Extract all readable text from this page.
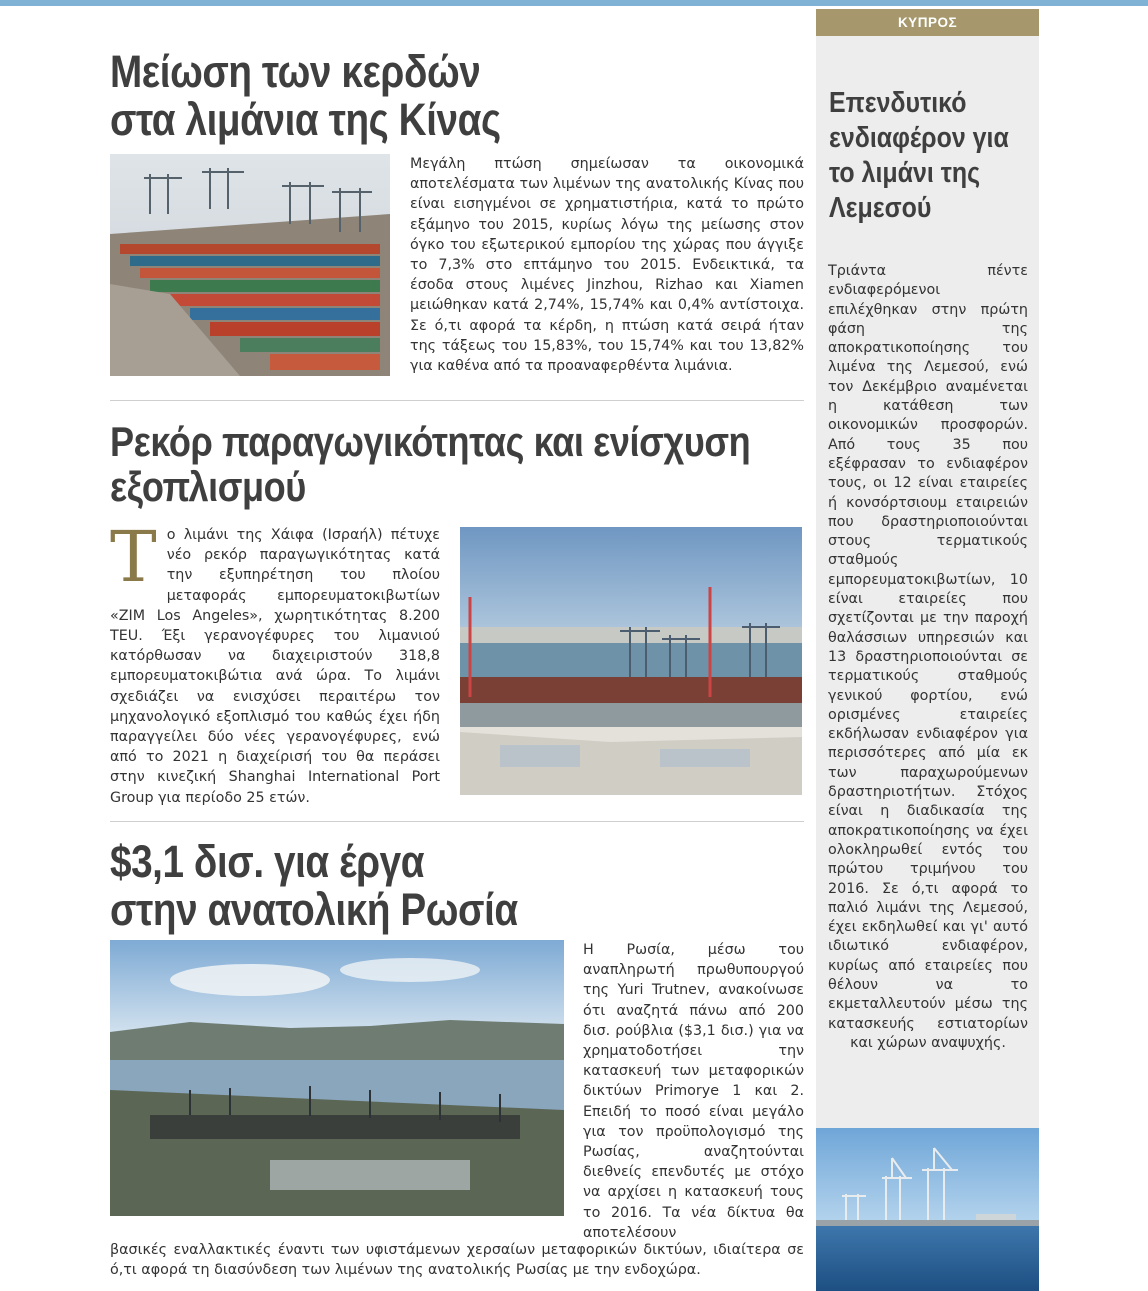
ΚΥΠΡΟΣ
Επενδυτικό ενδιαφέρον για το λιμάνι της Λεμεσού
Τριάντα πέντε ενδιαφερόμενοι επιλέχθηκαν στην πρώτη φάση της αποκρατικοποίησης του λιμένα της Λεμεσού, ενώ τον Δεκέμβριο αναμένεται η κατάθεση των οικονομικών προσφορών. Από τους 35 που εξέφρασαν το ενδιαφέρον τους, οι 12 είναι εταιρείες ή κονσόρτσιουμ εταιρειών που δραστηριοποιούνται στους τερματικούς σταθμούς εμπορευματοκιβωτίων, 10 είναι εταιρείες που σχετίζονται με την παροχή θαλάσσιων υπηρεσιών και 13 δραστηριοποιούνται σε τερματικούς σταθμούς γενικού φορτίου, ενώ ορισμένες εταιρείες εκδήλωσαν ενδιαφέρον για περισσότερες από μία εκ των παραχωρούμενων δραστηριοτήτων. Στόχος είναι η διαδικασία της αποκρατικοποίησης να έχει ολοκληρωθεί εντός του πρώτου τριμήνου του 2016. Σε ό,τι αφορά το παλιό λιμάνι της Λεμεσού, έχει εκδηλωθεί και γι' αυτό ιδιωτικό ενδιαφέρον, κυρίως από εταιρείες που θέλουν να το εκμεταλλευτούν μέσω της κατασκευής εστιατορίων και χώρων αναψυχής.
Μείωση των κερδών
στα λιμάνια της Κίνας
Μεγάλη πτώση σημείωσαν τα οικονομικά αποτελέσματα των λιμένων της ανατολικής Κίνας που είναι εισηγμένοι σε χρηματιστήρια, κατά το πρώτο εξάμηνο του 2015, κυρίως λόγω της μείωσης στον όγκο του εξωτερικού εμπορίου της χώρας που άγγιξε το 7,3% στο επτάμηνο του 2015. Ενδεικτικά, τα έσοδα στους λιμένες Jinzhou, Rizhao και Xiamen μειώθηκαν κατά 2,74%, 15,74% και 0,4% αντίστοιχα. Σε ό,τι αφορά τα κέρδη, η πτώση κατά σειρά ήταν της τάξεως του 15,83%, του 15,74% και του 13,82% για καθένα από τα προαναφερθέντα λιμάνια.
Ρεκόρ παραγωγικότητας και ενίσχυση
εξοπλισμού
Το λιμάνι της Χάιφα (Ισραήλ) πέτυχε νέο ρεκόρ παραγωγικότητας κατά την εξυπηρέτηση του πλοίου μεταφοράς εμπορευματοκιβωτίων «ZIM Los Angeles», χωρητικότητας 8.200 TEU. Έξι γερανογέφυρες του λιμανιού κατόρθωσαν να διαχειριστούν 318,8 εμπορευματοκιβώτια ανά ώρα. Το λιμάνι σχεδιάζει να ενισχύσει περαιτέρω τον μηχανολογικό εξοπλισμό του καθώς έχει ήδη παραγγείλει δύο νέες γερανογέφυρες, ενώ από το 2021 η διαχείρισή του θα περάσει στην κινεζική Shanghai International Port Group για περίοδο 25 ετών.
$3,1 δισ. για έργα
στην ανατολική Ρωσία
Η Ρωσία, μέσω του αναπληρωτή πρωθυπουργού της Yuri Trutnev, ανακοίνωσε ότι αναζητά πάνω από 200 δισ. ρούβλια ($3,1 δισ.) για να χρηματοδοτήσει την κατασκευή των μεταφορικών δικτύων Primorye 1 και 2. Επειδή το ποσό είναι μεγάλο για τον προϋπολογισμό της Ρωσίας, αναζητούνται διεθνείς επενδυτές με στόχο να αρχίσει η κατασκευή τους το 2016. Τα νέα δίκτυα θα αποτελέσουν
βασικές εναλλακτικές έναντι των υφιστάμενων χερσαίων μεταφορικών δικτύων, ιδιαίτερα σε ό,τι αφορά τη διασύνδεση των λιμένων της ανατολικής Ρωσίας με την ενδοχώρα.
